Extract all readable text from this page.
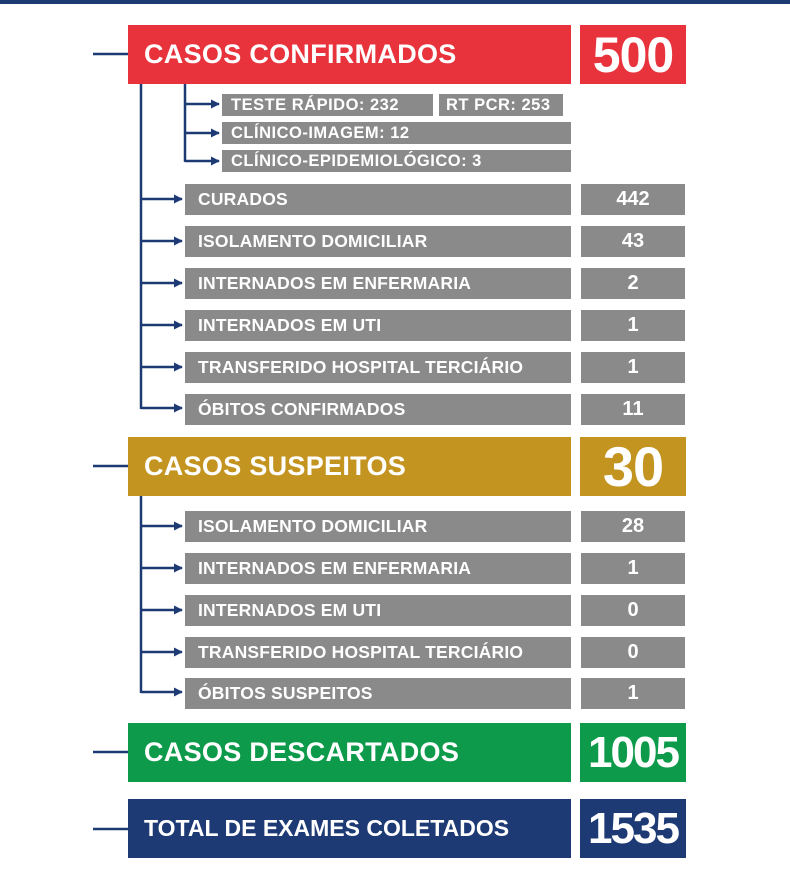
CASOS CONFIRMADOS	500
TESTE RÁPIDO: 232	RT PCR: 253
CLÍNICO-IMAGEM: 12
CLÍNICO-EPIDEMIOLÓGICO: 3
CURADOS	442
ISOLAMENTO DOMICILIAR	43
INTERNADOS EM ENFERMARIA	2
INTERNADOS EM UTI	1
TRANSFERIDO HOSPITAL TERCIÁRIO	1
ÓBITOS CONFIRMADOS	11
CASOS SUSPEITOS	30
ISOLAMENTO DOMICILIAR	28
INTERNADOS EM ENFERMARIA	1
INTERNADOS EM UTI	0
TRANSFERIDO HOSPITAL TERCIÁRIO	0
ÓBITOS SUSPEITOS	1
CASOS DESCARTADOS	1005
TOTAL DE EXAMES COLETADOS	1535
